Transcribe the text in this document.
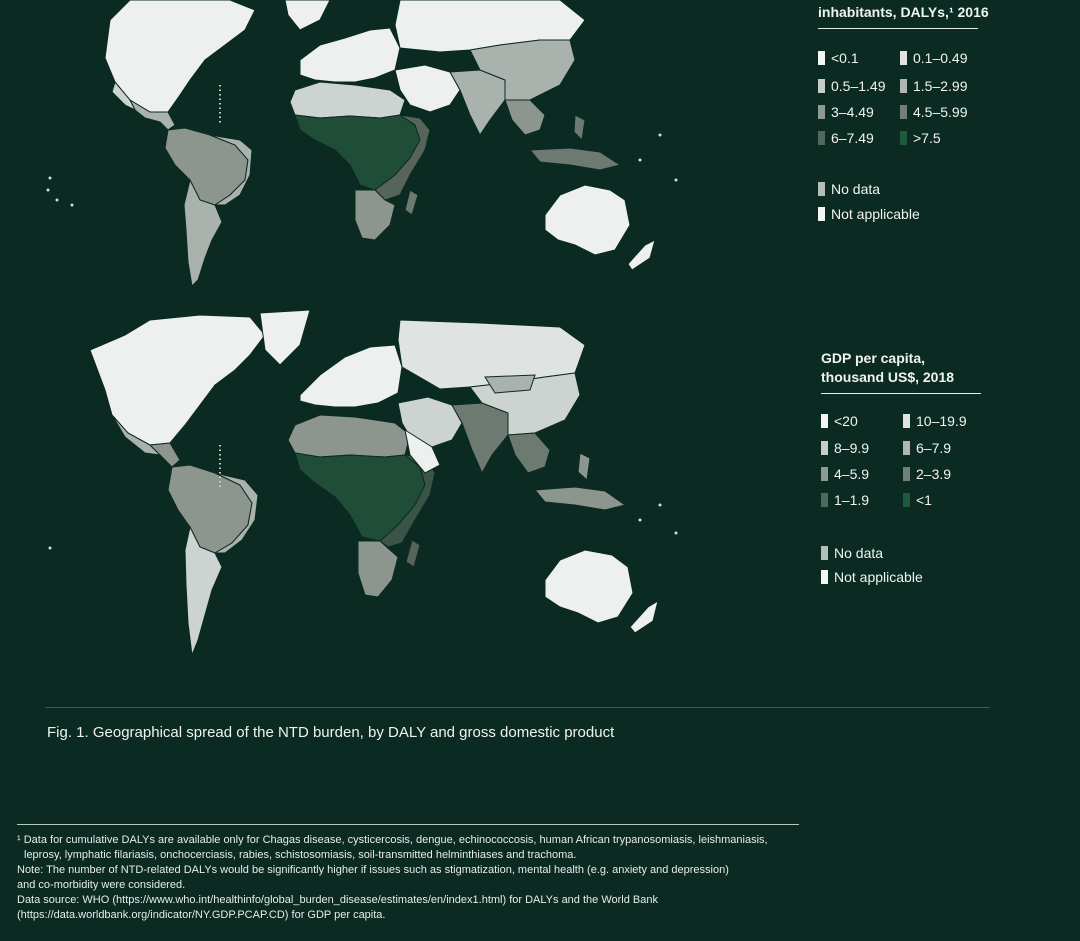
inhabitants, DALYs,¹ 2016
<0.1	0.1–0.49
0.5–1.49 1.5–2.99
3–4.49	4.5–5.99
6–7.49	>7.5
No data
Not applicable
GDP per capita,
thousand US$, 2018
<20	10–19.9
8–9.9	6–7.9
4–5.9	2–3.9
1–1.9	<1
No data
Not applicable
Fig. 1. Geographical spread of the NTD burden, by DALY and gross domestic product
¹ Data for cumulative DALYs are available only for Chagas disease, cysticercosis, dengue, echinococcosis, human African trypanosomiasis, leishmaniasis,
leprosy, lymphatic filariasis, onchocerciasis, rabies, schistosomiasis, soil-transmitted helminthiases and trachoma.
Note: The number of NTD-related DALYs would be significantly higher if issues such as stigmatization, mental health (e.g. anxiety and depression)
and co-morbidity were considered.
Data source: WHO (https://www.who.int/healthinfo/global_burden_disease/estimates/en/index1.html) for DALYs and the World Bank
(https://data.worldbank.org/indicator/NY.GDP.PCAP.CD) for GDP per capita.
